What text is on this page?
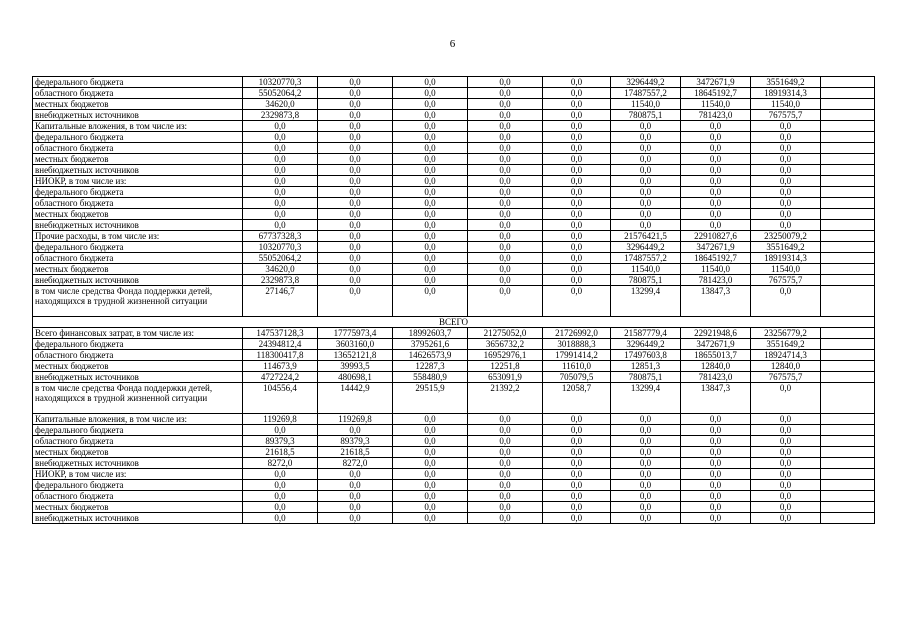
6
федерального бюджета	10320770,3	0,0	0,0	0,0	0,0	3296449,2	3472671,9	3551649,2	
областного бюджета	55052064,2	0,0	0,0	0,0	0,0	17487557,2	18645192,7	18919314,3	
местных бюджетов	34620,0	0,0	0,0	0,0	0,0	11540,0	11540,0	11540,0	
внебюджетных источников	2329873,8	0,0	0,0	0,0	0,0	780875,1	781423,0	767575,7	
Капитальные вложения, в том числе из:	0,0	0,0	0,0	0,0	0,0	0,0	0,0	0,0	
федерального бюджета	0,0	0,0	0,0	0,0	0,0	0,0	0,0	0,0	
областного бюджета	0,0	0,0	0,0	0,0	0,0	0,0	0,0	0,0	
местных бюджетов	0,0	0,0	0,0	0,0	0,0	0,0	0,0	0,0	
внебюджетных источников	0,0	0,0	0,0	0,0	0,0	0,0	0,0	0,0	
НИОКР, в том числе из:	0,0	0,0	0,0	0,0	0,0	0,0	0,0	0,0	
федерального бюджета	0,0	0,0	0,0	0,0	0,0	0,0	0,0	0,0	
областного бюджета	0,0	0,0	0,0	0,0	0,0	0,0	0,0	0,0	
местных бюджетов	0,0	0,0	0,0	0,0	0,0	0,0	0,0	0,0	
внебюджетных источников	0,0	0,0	0,0	0,0	0,0	0,0	0,0	0,0	
Прочие расходы, в том числе из:	67737328,3	0,0	0,0	0,0	0,0	21576421,5	22910827,6	23250079,2	
федерального бюджета	10320770,3	0,0	0,0	0,0	0,0	3296449,2	3472671,9	3551649,2	
областного бюджета	55052064,2	0,0	0,0	0,0	0,0	17487557,2	18645192,7	18919314,3	
местных бюджетов	34620,0	0,0	0,0	0,0	0,0	11540,0	11540,0	11540,0	
внебюджетных источников	2329873,8	0,0	0,0	0,0	0,0	780875,1	781423,0	767575,7	
в том числе средства Фонда поддержки детей, находящихся в трудной жизненной ситуации	27146,7	0,0	0,0	0,0	0,0	13299,4	13847,3	0,0	
ВСЕГО									
Всего финансовых затрат, в том числе из:	147537128,3	17775973,4	18992603,7	21275052,0	21726992,0	21587779,4	22921948,6	23256779,2	
федерального бюджета	24394812,4	3603160,0	3795261,6	3656732,2	3018888,3	3296449,2	3472671,9	3551649,2	
областного бюджета	118300417,8	13652121,8	14626573,9	16952976,1	17991414,2	17497603,8	18655013,7	18924714,3	
местных бюджетов	114673,9	39993,5	12287,3	12251,8	11610,0	12851,3	12840,0	12840,0	
внебюджетных источников	4727224,2	480698,1	558480,9	653091,9	705079,5	780875,1	781423,0	767575,7	
в том числе средства Фонда поддержки детей, находящихся в трудной жизненной ситуации	104556,4	14442,9	29515,9	21392,2	12058,7	13299,4	13847,3	0,0	
Капитальные вложения, в том числе из:	119269,8	119269,8	0,0	0,0	0,0	0,0	0,0	0,0	
федерального бюджета	0,0	0,0	0,0	0,0	0,0	0,0	0,0	0,0	
областного бюджета	89379,3	89379,3	0,0	0,0	0,0	0,0	0,0	0,0	
местных бюджетов	21618,5	21618,5	0,0	0,0	0,0	0,0	0,0	0,0	
внебюджетных источников	8272,0	8272,0	0,0	0,0	0,0	0,0	0,0	0,0	
НИОКР, в том числе из:	0,0	0,0	0,0	0,0	0,0	0,0	0,0	0,0	
федерального бюджета	0,0	0,0	0,0	0,0	0,0	0,0	0,0	0,0	
областного бюджета	0,0	0,0	0,0	0,0	0,0	0,0	0,0	0,0	
местных бюджетов	0,0	0,0	0,0	0,0	0,0	0,0	0,0	0,0	
внебюджетных источников	0,0	0,0	0,0	0,0	0,0	0,0	0,0	0,0	
